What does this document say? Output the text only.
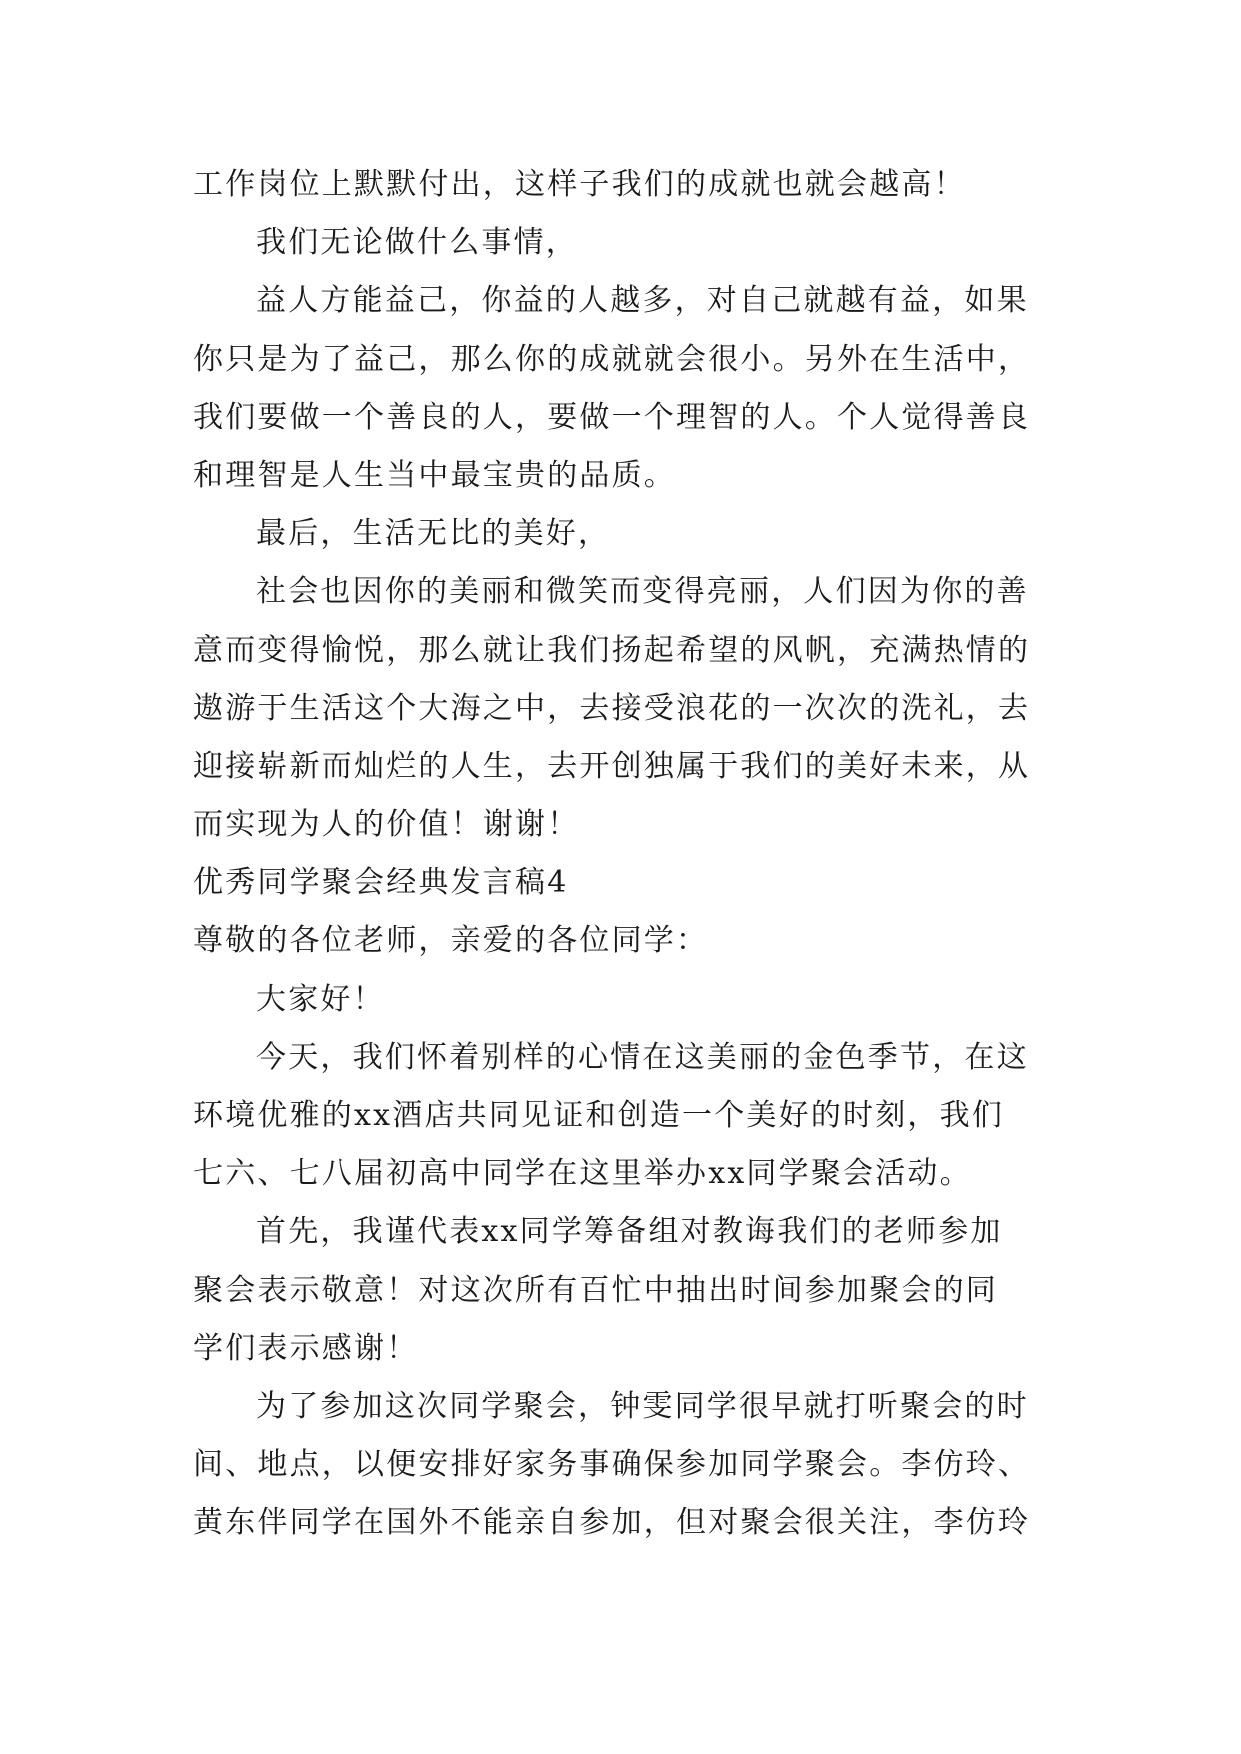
工作岗位上默默付出，这样子我们的成就也就会越高！
我们无论做什么事情，
益人方能益己，你益的人越多，对自己就越有益，如果
你只是为了益己，那么你的成就就会很小。另外在生活中，
我们要做一个善良的人，要做一个理智的人。个人觉得善良
和理智是人生当中最宝贵的品质。
最后，生活无比的美好，
社会也因你的美丽和微笑而变得亮丽，人们因为你的善
意而变得愉悦，那么就让我们扬起希望的风帆，充满热情的
遨游于生活这个大海之中，去接受浪花的一次次的洗礼，去
迎接崭新而灿烂的人生，去开创独属于我们的美好未来，从
而实现为人的价值！谢谢！
优秀同学聚会经典发言稿4
尊敬的各位老师，亲爱的各位同学：
大家好！
今天，我们怀着别样的心情在这美丽的金色季节，在这
环境优雅的xx酒店共同见证和创造一个美好的时刻，我们
七六、七八届初高中同学在这里举办xx同学聚会活动。
首先，我谨代表xx同学筹备组对教诲我们的老师参加
聚会表示敬意！对这次所有百忙中抽出时间参加聚会的同
学们表示感谢！
为了参加这次同学聚会，钟雯同学很早就打听聚会的时
间、地点，以便安排好家务事确保参加同学聚会。李仿玲、
黄东伴同学在国外不能亲自参加，但对聚会很关注，李仿玲
